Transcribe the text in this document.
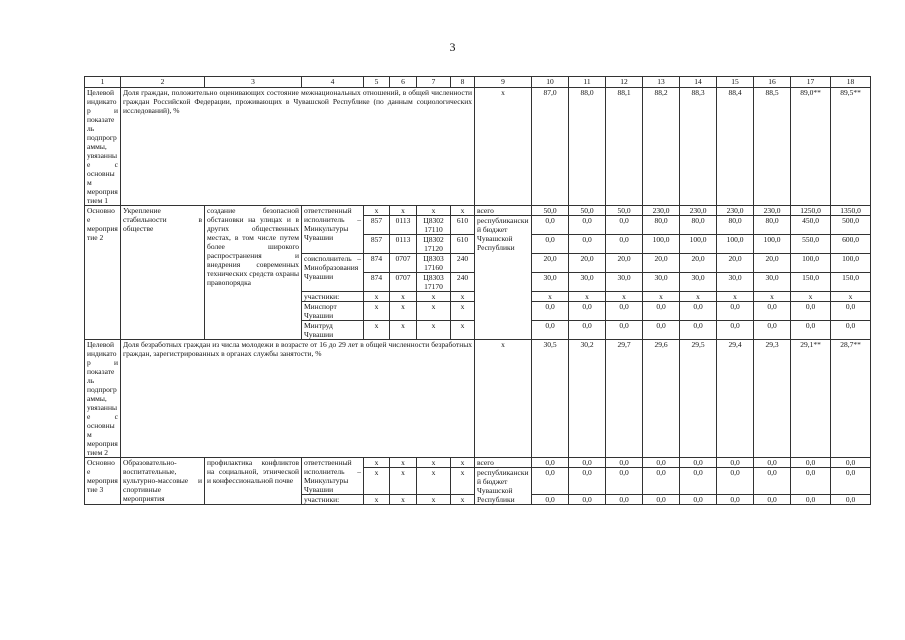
3
1	2	3	4	5	6	7	8	9	10	11	12	13	14	15	16	17	18
Целевой индикатор и показатель подпрограммы, увязанные с основным мероприятием 1	Доля граждан, положительно оценивающих состояние межнациональных отношений, в общей численности граждан Российской Федерации, проживающих в Чувашской Республике (по данным социологических исследований), %							x	87,0	88,0	88,1	88,2	88,3	88,4	88,5	89,0**	89,5**
Основное мероприятие 2	Укрепление стабильности в обществе	создание безопасной обстановки на улицах и в других общественных местах, в том числе путем более широкого распространения и внедрения современных технических средств охраны правопорядка	ответственный исполнитель – Минкультуры Чувашии	x	x	x	x	всего	50,0	50,0	50,0	230,0	230,0	230,0	230,0	1250,0	1350,0
				857	0113	Ц8302 17110	610	республиканский бюджет Чувашской Республики	0,0	0,0	0,0	80,0	80,0	80,0	80,0	450,0	500,0
				857	0113	Ц8302 17120	610		0,0	0,0	0,0	100,0	100,0	100,0	100,0	550,0	600,0
			соисполнитель – Минобразования Чувашии	874	0707	Ц8303 17160	240		20,0	20,0	20,0	20,0	20,0	20,0	20,0	100,0	100,0
				874	0707	Ц8303 17170	240		30,0	30,0	30,0	30,0	30,0	30,0	30,0	150,0	150,0
			участники:	x	x	x	x		x	x	x	x	x	x	x	x	x
			Минспорт Чувашии	x	x	x	x		0,0	0,0	0,0	0,0	0,0	0,0	0,0	0,0	0,0
			Минтруд Чувашии	x	x	x	x		0,0	0,0	0,0	0,0	0,0	0,0	0,0	0,0	0,0
Целевой индикатор и показатель подпрограммы, увязанные с основным мероприятием 2	Доля безработных граждан из числа молодежи в возрасте от 16 до 29 лет в общей численности безработных граждан, зарегистрированных в органах службы занятости, %							x	30,5	30,2	29,7	29,6	29,5	29,4	29,3	29,1**	28,7**
Основное мероприятие 3	Образовательно-воспитательные, культурно-массовые и спортивные мероприятия	профилактика конфликтов на социальной, этнической и конфессиональной почве	ответственный исполнитель – Минкультуры Чувашии	x	x	x	x	всего	0,0	0,0	0,0	0,0	0,0	0,0	0,0	0,0	0,0
				x	x	x	x	республиканский бюджет Чувашской Республики	0,0	0,0	0,0	0,0	0,0	0,0	0,0	0,0	0,0
			участники:	x	x	x	x		0,0	0,0	0,0	0,0	0,0	0,0	0,0	0,0	0,0
